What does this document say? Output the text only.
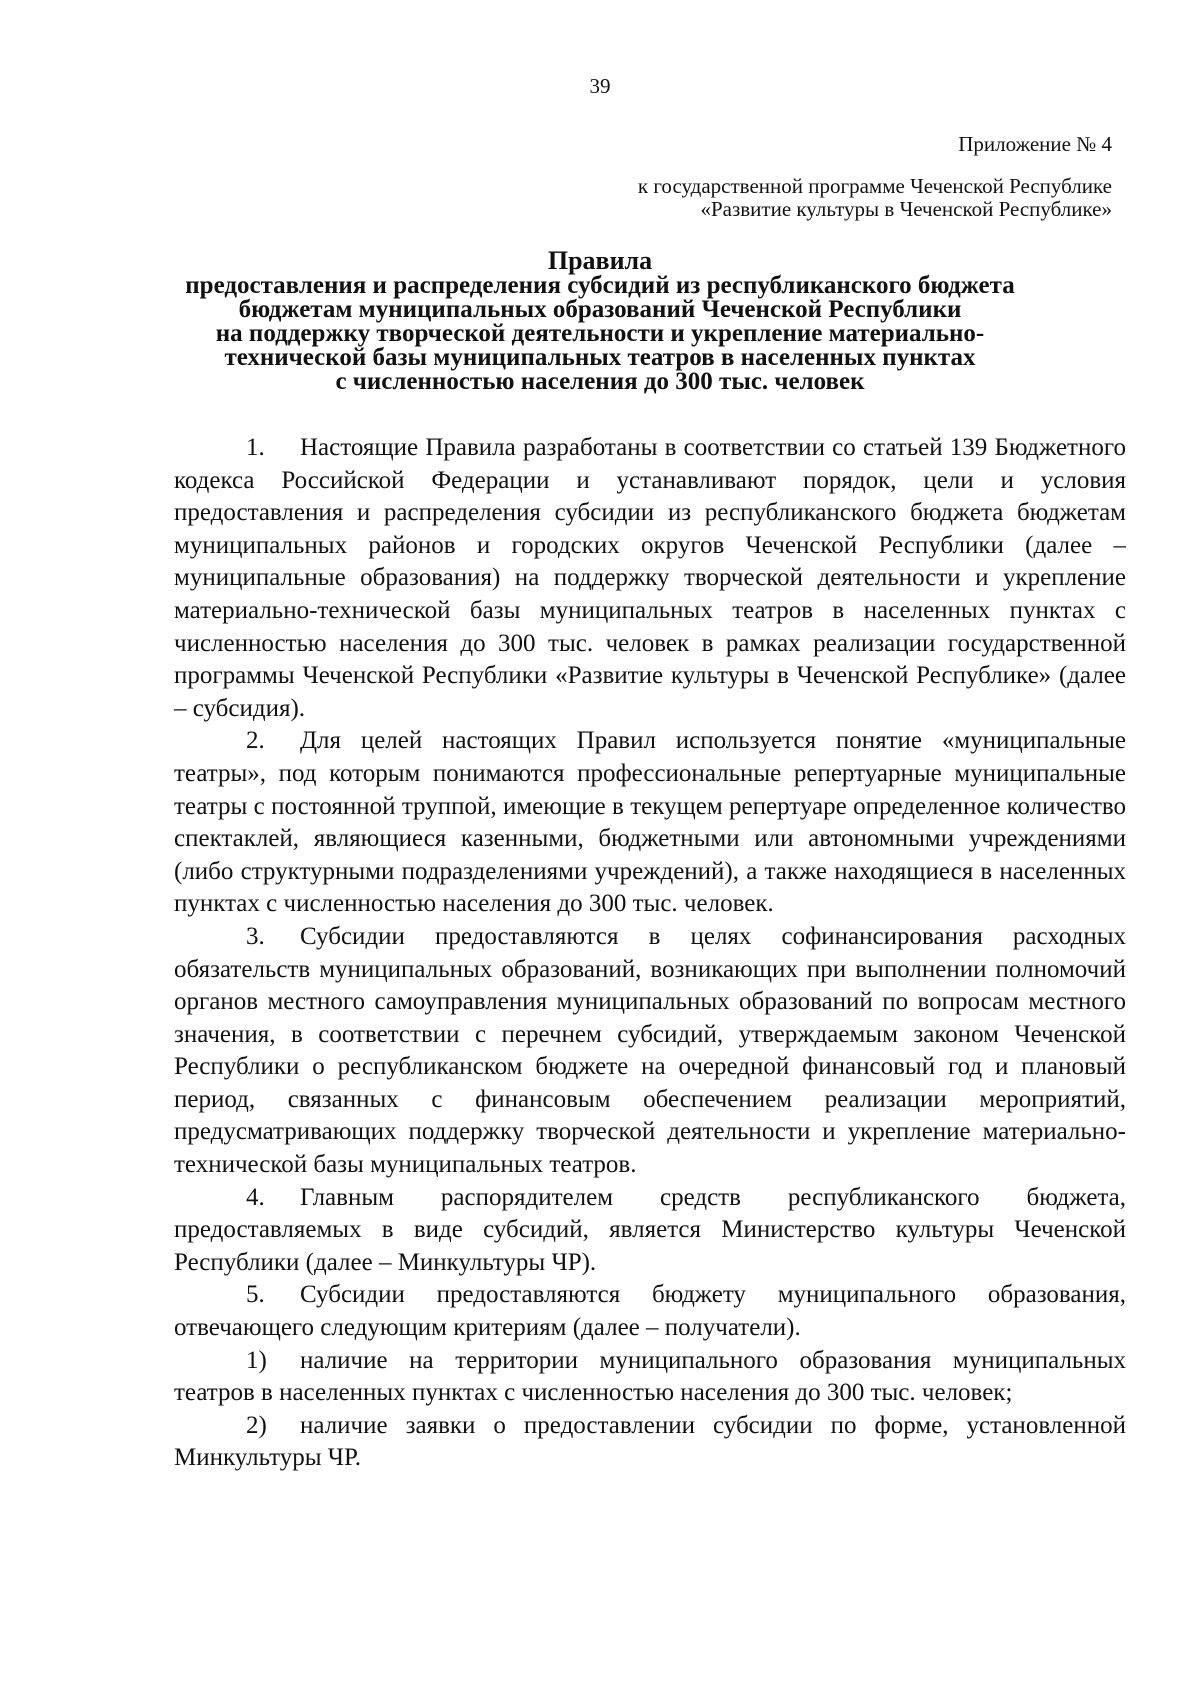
39
Приложение № 4
к государственной программе Чеченской Республике
«Развитие культуры в Чеченской Республике»
Правила
предоставления и распределения субсидий из республиканского бюджета
бюджетам муниципальных образований Чеченской Республики
на поддержку творческой деятельности и укрепление материально-
технической базы муниципальных театров в населенных пунктах
с численностью населения до 300 тыс. человек

1. Настоящие Правила разработаны в соответствии со статьей 139 Бюджетного кодекса Российской Федерации и устанавливают порядок, цели и условия предоставления и распределения субсидии из республиканского бюджета бюджетам муниципальных районов и городских округов Чеченской Республики (далее – муниципальные образования) на поддержку творческой деятельности и укрепление материально-технической базы муниципальных театров в населенных пунктах с численностью населения до 300 тыс. человек в рамках реализации государственной программы Чеченской Республики «Развитие культуры в Чеченской Республике» (далее – субсидия).

2. Для целей настоящих Правил используется понятие «муниципальные театры», под которым понимаются профессиональные репертуарные муниципальные театры с постоянной труппой, имеющие в текущем репертуаре определенное количество спектаклей, являющиеся казенными, бюджетными или автономными учреждениями (либо структурными подразделениями учреждений), а также находящиеся в населенных пунктах с численностью населения до 300 тыс. человек.

3. Субсидии предоставляются в целях софинансирования расходных обязательств муниципальных образований, возникающих при выполнении полномочий органов местного самоуправления муниципальных образований по вопросам местного значения, в соответствии с перечнем субсидий, утверждаемым законом Чеченской Республики о республиканском бюджете на очередной финансовый год и плановый период, связанных с финансовым обеспечением реализации мероприятий, предусматривающих поддержку творческой деятельности и укрепление материально-технической базы муниципальных театров.

4. Главным распорядителем средств республиканского бюджета, предоставляемых в виде субсидий, является Министерство культуры Чеченской Республики (далее – Минкультуры ЧР).

5. Субсидии предоставляются бюджету муниципального образования, отвечающего следующим критериям (далее – получатели).

1) наличие на территории муниципального образования муниципальных театров в населенных пунктах с численностью населения до 300 тыс. человек;

2) наличие заявки о предоставлении субсидии по форме, установленной Минкультуры ЧР.
